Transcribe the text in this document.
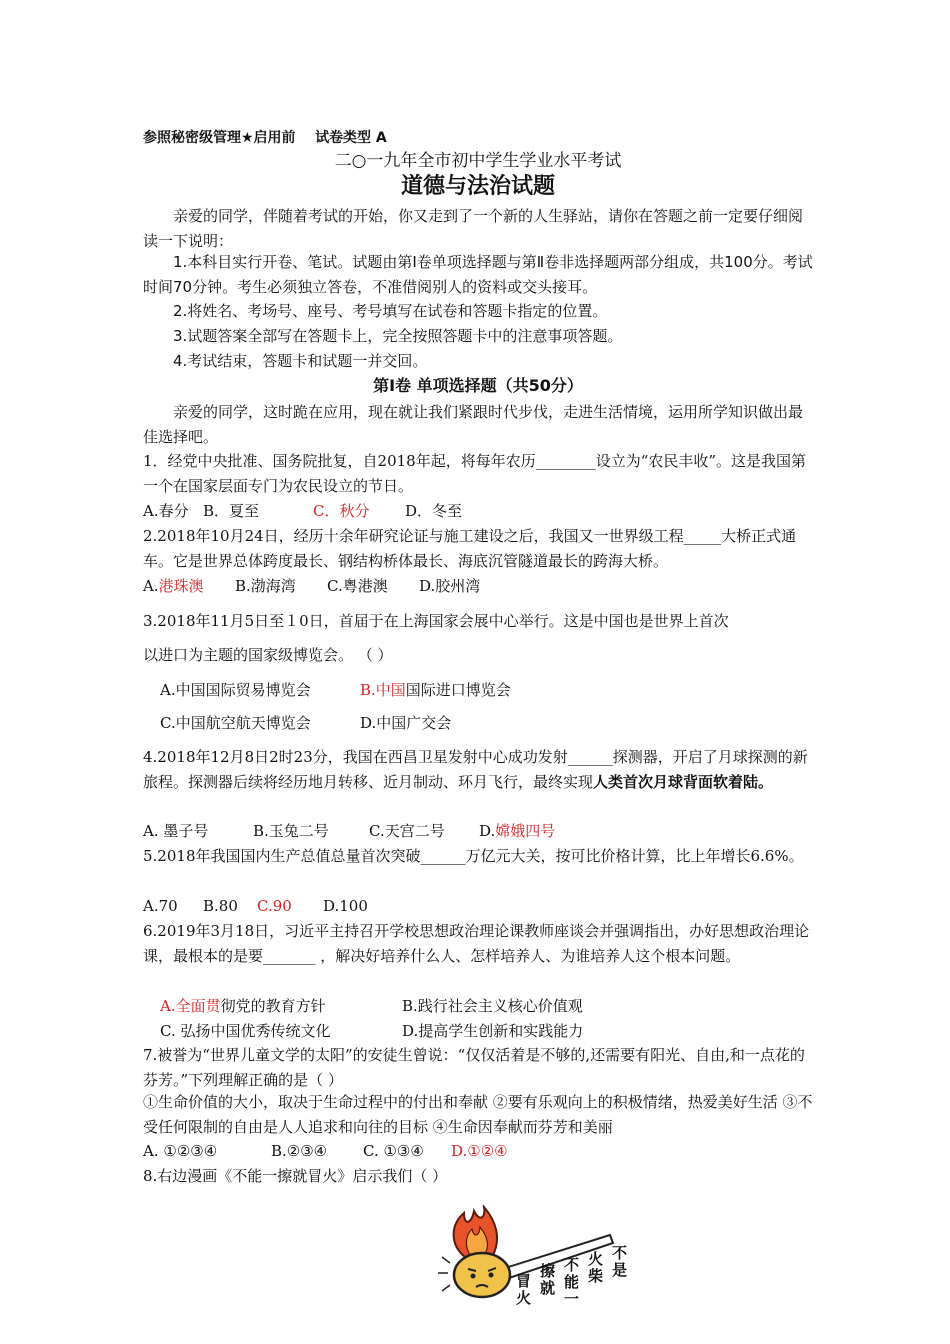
参照秘密级管理★启用前 试卷类型 A
二○一九年全市初中学生学业水平考试
道德与法治试题
亲爱的同学，伴随着考试的开始，你又走到了一个新的人生驿站，请你在答题之前一定要仔细阅读一下说明：
1.本科目实行开卷、笔试。试题由第Ⅰ卷单项选择题与第Ⅱ卷非选择题两部分组成，共100分。考试时间70分钟。考生必须独立答卷，不准借阅别人的资料或交头接耳。
2.将姓名、考场号、座号、考号填写在试卷和答题卡指定的位置。
3.试题答案全部写在答题卡上，完全按照答题卡中的注意事项答题。
4.考试结束，答题卡和试题一并交回。
第Ⅰ卷 单项选择题（共50分）
亲爱的同学，这时跪在应用，现在就让我们紧跟时代步伐，走进生活情境，运用所学知识做出最佳选择吧。
1．经党中央批准、国务院批复，自2018年起，将每年农历________设立为“农民丰收”。这是我国第一个在国家层面专门为农民设立的节日。
A.春分 B．夏至	C．秋分 D．冬至
2.2018年10月24日，经历十余年研究论证与施工建设之后，我国又一世界级工程_____大桥正式通车。它是世界总体跨度最长、钢结构桥体最长、海底沉管隧道最长的跨海大桥。
A.港珠澳 B.渤海湾 C.粤港澳 D.胶州湾
3.2018年11月5日至１0日，首届于在上海国家会展中心举行。这是中国也是世界上首次
以进口为主题的国家级博览会。 （ ）
A.中国国际贸易博览会	B.中国国际进口博览会
C.中国航空航天博览会	D.中国广交会
4.2018年12月8日2时23分，我国在西昌卫星发射中心成功发射______探测器，开启了月球探测的新旅程。探测器后续将经历地月转移、近月制动、环月飞行，最终实现人类首次月球背面软着陆。
A. 墨子号	B.玉兔二号	C.天宫二号 D.嫦娥四号
5.2018年我国国内生产总值总量首次突破______万亿元大关，按可比价格计算，比上年增长6.6%。
A.70 B.80 C.90 D.100
6.2019年3月18日，习近平主持召开学校思想政治理论课教师座谈会并强调指出，办好思想政治理论课，最根本的是要_______ ，解决好培养什么人、怎样培养人、为谁培养人这个根本问题。
A.全面贯彻党的教育方针	B.践行社会主义核心价值观
C. 弘扬中国优秀传统文化	D.提高学生创新和实践能力
7.被誉为“世界儿童文学的太阳”的安徒生曾说：“仅仅活着是不够的,还需要有阳光、自由,和一点花的芬芳。”下列理解正确的是（ ）
①生命价值的大小，取决于生命过程中的付出和奉献 ②要有乐观向上的积极情绪，热爱美好生活 ③不受任何限制的自由是人人追求和向往的目标 ④生命因奉献而芬芳和美丽
A. ①②③④	B.②③④ C. ①③④ D.①②④
8.右边漫画《不能一擦就冒火》启示我们（ ）
冒火
擦就
不能一
火柴
不是
